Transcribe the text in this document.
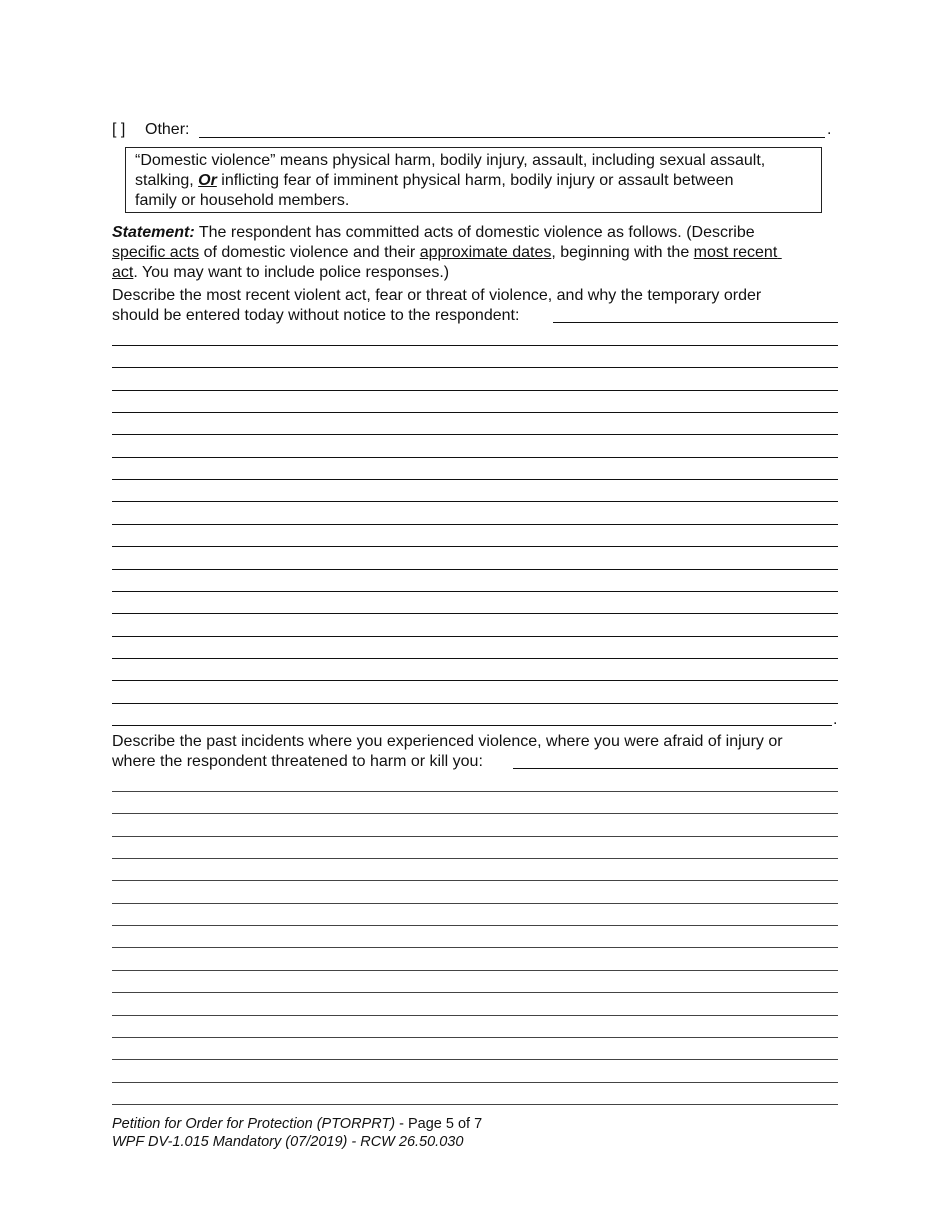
[ ] Other:	.
“Domestic violence” means physical harm, bodily injury, assault, including sexual assault,
stalking, Or inflicting fear of imminent physical harm, bodily injury or assault between
family or household members.
Statement: The respondent has committed acts of domestic violence as follows. (Describe
specific acts of domestic violence and their approximate dates, beginning with the most recent
act. You may want to include police responses.)
Describe the most recent violent act, fear or threat of violence, and why the temporary order
should be entered today without notice to the respondent:
.
Describe the past incidents where you experienced violence, where you were afraid of injury or
where the respondent threatened to harm or kill you:
Petition for Order for Protection (PTORPRT) - Page 5 of 7
WPF DV-1.015 Mandatory (07/2019) - RCW 26.50.030
